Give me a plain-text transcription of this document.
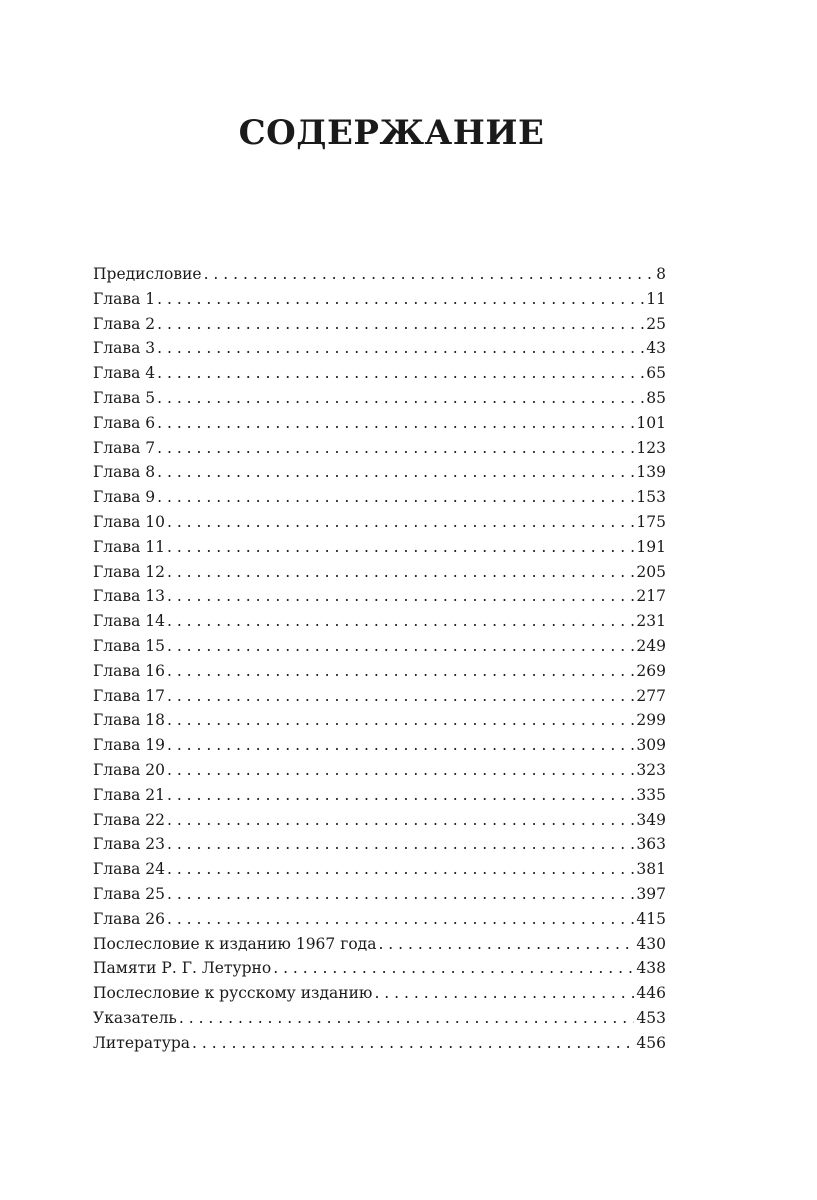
СОДЕРЖАНИЕ
Предисловие . . .	8
Глава 1 . . .	11
Глава 2 . . .	25
Глава 3 . . .	43
Глава 4 . . .	65
Глава 5 . . .	85
Глава 6 . . .	101
Глава 7 . . .	123
Глава 8 . . .	139
Глава 9 . . .	153
Глава 10 . . .	175
Глава 11 . . .	191
Глава 12 . . .	205
Глава 13 . . .	217
Глава 14 . . .	231
Глава 15 . . .	249
Глава 16 . . .	269
Глава 17 . . .	277
Глава 18 . . .	299
Глава 19 . . .	309
Глава 20 . . .	323
Глава 21 . . .	335
Глава 22 . . .	349
Глава 23 . . .	363
Глава 24 . . .	381
Глава 25 . . .	397
Глава 26 . . .	415
Послесловие к изданию 1967 года . . .	430
Памяти Р. Г. Летурно . . .	438
Послесловие к русскому изданию . . .	446
Указатель . . .	453
Литература . . .	456
